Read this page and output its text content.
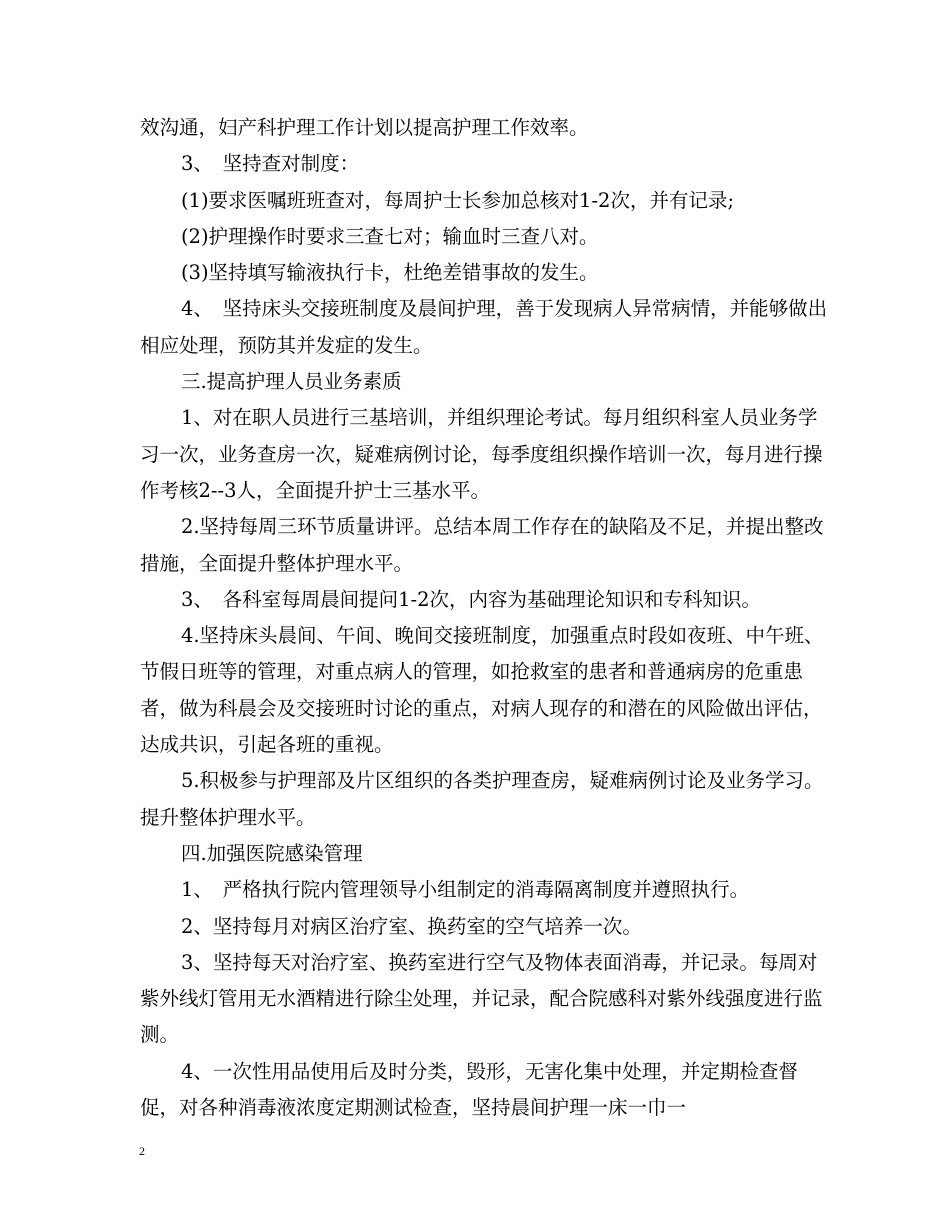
效沟通，妇产科护理工作计划以提高护理工作效率。

3、　坚持查对制度：

(1)要求医嘱班班查对，每周护士长参加总核对1-2次，并有记录;

(2)护理操作时要求三查七对；输血时三查八对。

(3)坚持填写输液执行卡，杜绝差错事故的发生。

4、　坚持床头交接班制度及晨间护理，善于发现病人异常病情，并能够做出相应处理，预防其并发症的发生。

三.提高护理人员业务素质

1、对在职人员进行三基培训，并组织理论考试。每月组织科室人员业务学习一次，业务查房一次，疑难病例讨论，每季度组织操作培训一次，每月进行操作考核2--3人，全面提升护士三基水平。

2.坚持每周三环节质量讲评。总结本周工作存在的缺陷及不足，并提出整改措施，全面提升整体护理水平。

3、　各科室每周晨间提问1-2次，内容为基础理论知识和专科知识。

4.坚持床头晨间、午间、晚间交接班制度，加强重点时段如夜班、中午班、节假日班等的管理，对重点病人的管理，如抢救室的患者和普通病房的危重患者，做为科晨会及交接班时讨论的重点，对病人现存的和潜在的风险做出评估，达成共识，引起各班的重视。

5.积极参与护理部及片区组织的各类护理查房，疑难病例讨论及业务学习。提升整体护理水平。

四.加强医院感染管理

1、　严格执行院内管理领导小组制定的消毒隔离制度并遵照执行。

2、坚持每月对病区治疗室、换药室的空气培养一次。

3、坚持每天对治疗室、换药室进行空气及物体表面消毒，并记录。每周对紫外线灯管用无水酒精进行除尘处理，并记录，配合院感科对紫外线强度进行监测。

4、一次性用品使用后及时分类，毁形，无害化集中处理，并定期检查督促，对各种消毒液浓度定期测试检查，坚持晨间护理一床一巾一

2
